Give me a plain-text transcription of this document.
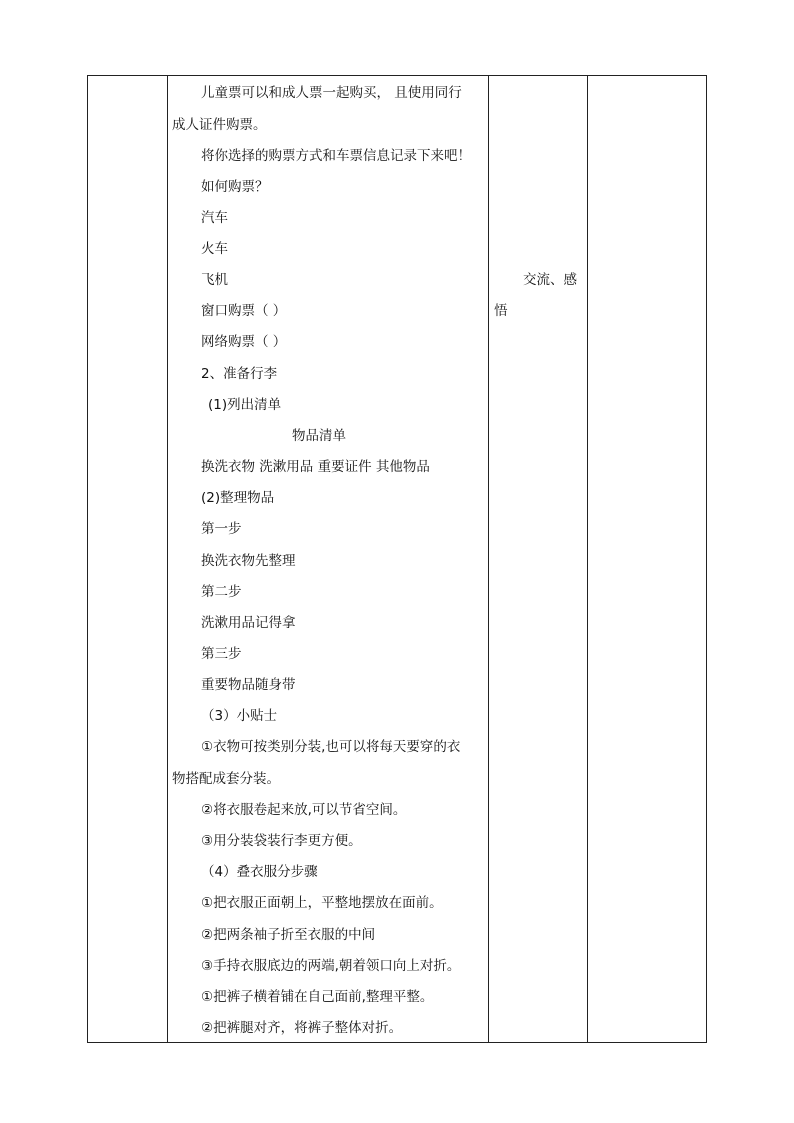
儿童票可以和成人票一起购买， 且使用同行
成人证件购票。
将你选择的购票方式和车票信息记录下来吧！
如何购票？
汽车
火车
飞机
窗口购票（ ）
网络购票（ ）
2、准备行李
(1)列出清单
物品清单
换洗衣物 洗漱用品 重要证件 其他物品
(2)整理物品
第一步
换洗衣物先整理
第二步
洗漱用品记得拿
第三步
重要物品随身带
（3）小贴士
①衣物可按类别分装,也可以将每天要穿的衣
物搭配成套分装。
②将衣服卷起来放,可以节省空间。
③用分装袋装行李更方便。
（4）叠衣服分步骤
①把衣服正面朝上，平整地摆放在面前。
②把两条袖子折至衣服的中间
③手持衣服底边的两端,朝着领口向上对折。
①把裤子横着铺在自己面前,整理平整。
②把裤腿对齐，将裤子整体对折。
交流、感
悟
